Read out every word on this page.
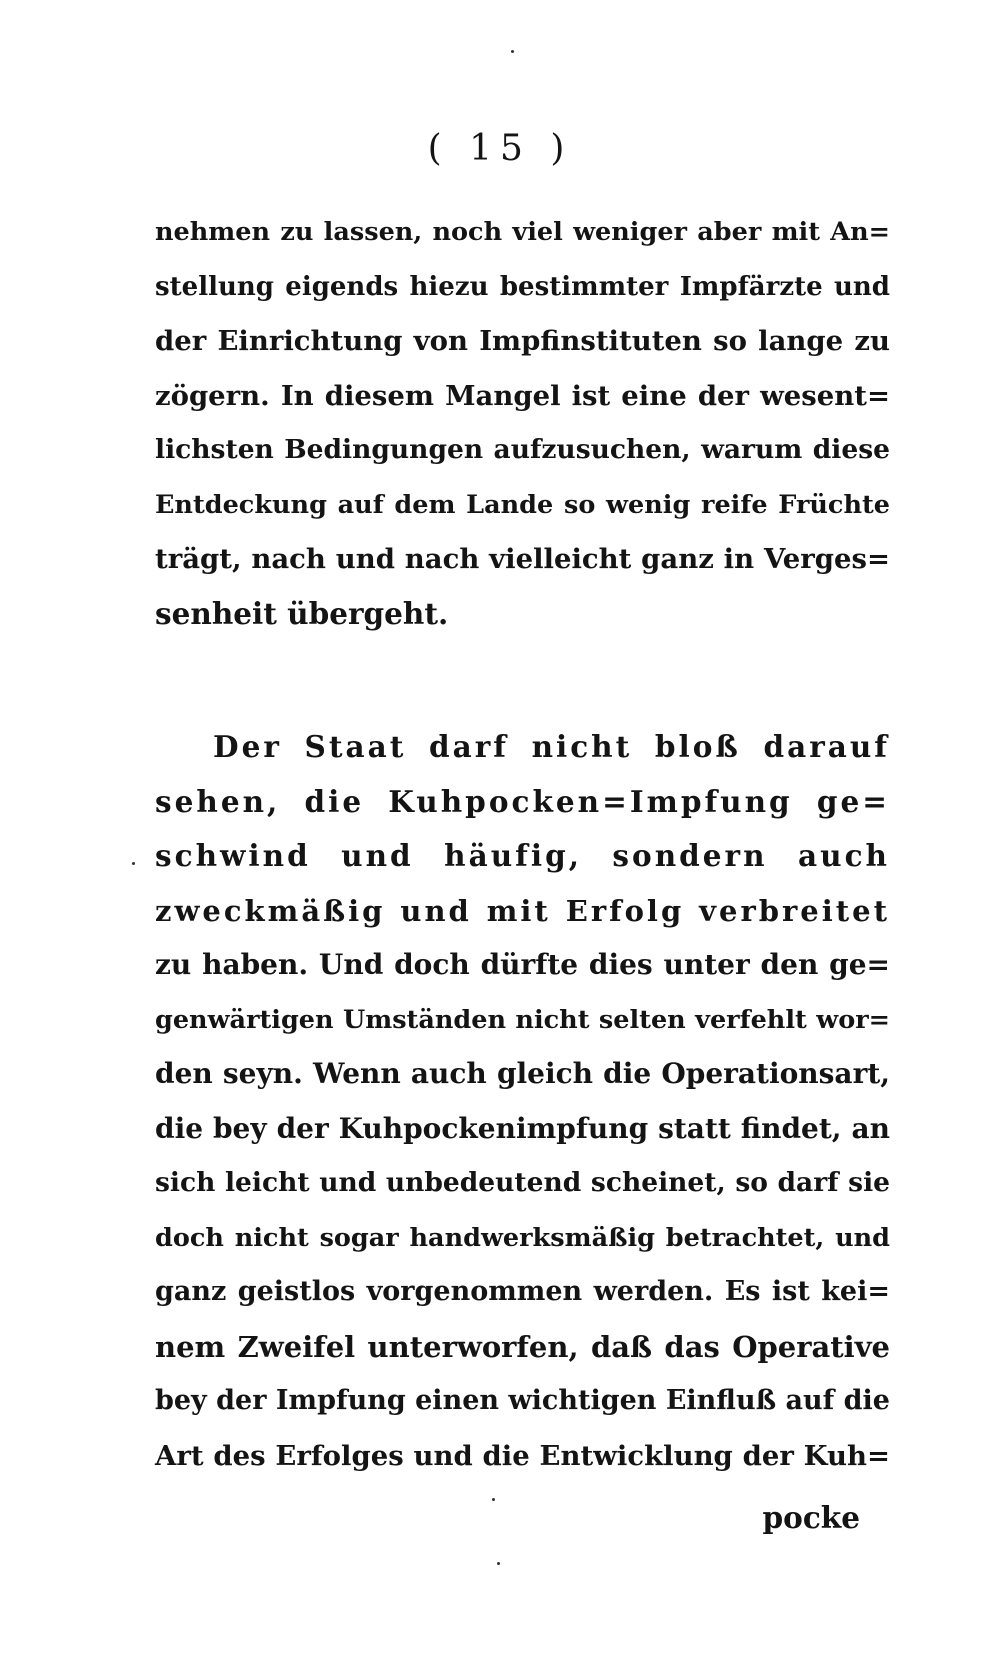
( 15 )
nehmen zu lassen, noch viel weniger aber mit An=
stellung eigends hiezu bestimmter Impfärzte und
der Einrichtung von Impfinstituten so lange zu
zögern. In diesem Mangel ist eine der wesent=
lichsten Bedingungen aufzusuchen, warum diese
Entdeckung auf dem Lande so wenig reife Früchte
trägt, nach und nach vielleicht ganz in Verges=
senheit übergeht.
Der Staat darf nicht bloß darauf
sehen, die Kuhpocken=Impfung ge=
schwind und häufig, sondern auch
zweckmäßig und mit Erfolg verbreitet
zu haben. Und doch dürfte dies unter den ge=
genwärtigen Umständen nicht selten verfehlt wor=
den seyn. Wenn auch gleich die Operationsart,
die bey der Kuhpockenimpfung statt findet, an
sich leicht und unbedeutend scheinet, so darf sie
doch nicht sogar handwerksmäßig betrachtet, und
ganz geistlos vorgenommen werden. Es ist kei=
nem Zweifel unterworfen, daß das Operative
bey der Impfung einen wichtigen Einfluß auf die
Art des Erfolges und die Entwicklung der Kuh=
pocke
